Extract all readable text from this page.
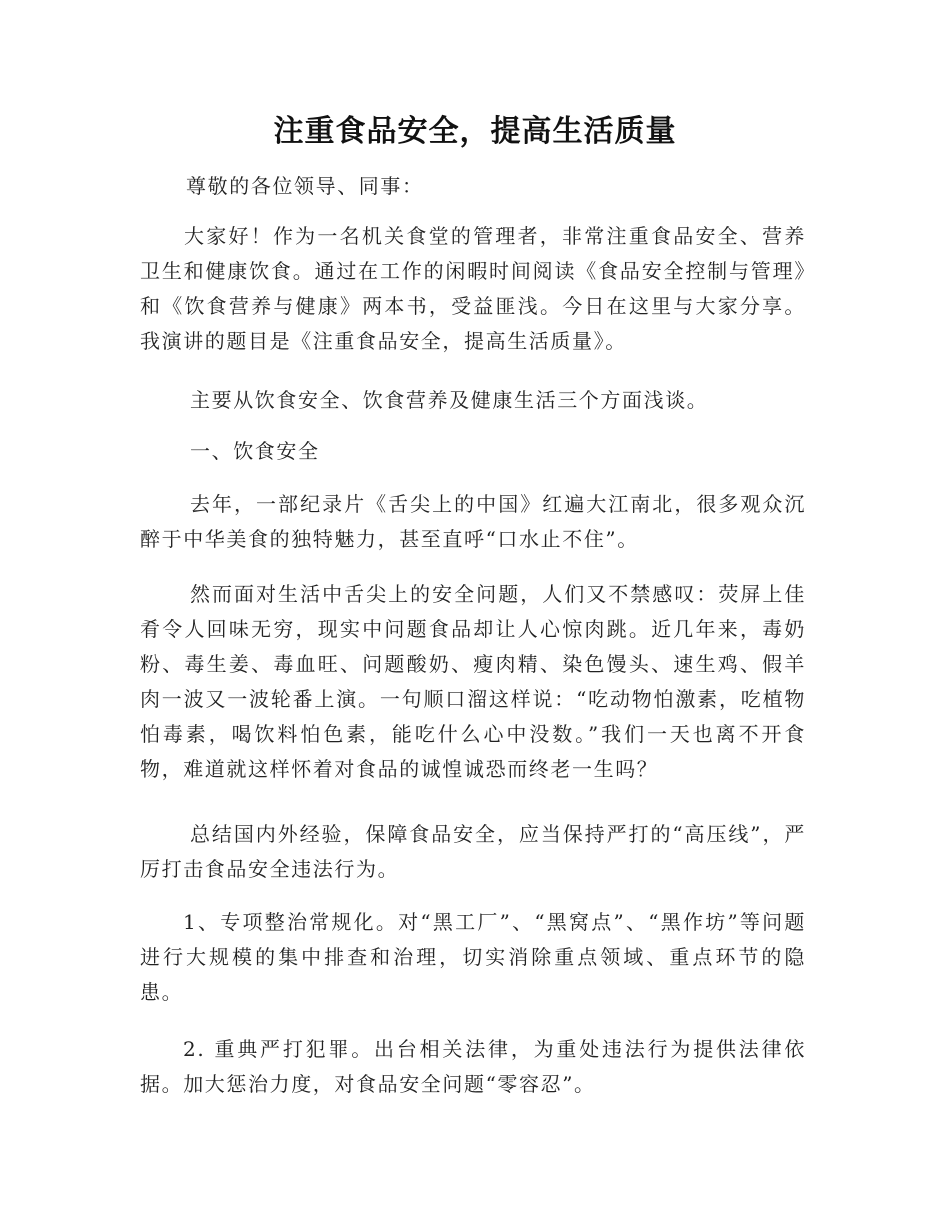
注重食品安全，提高生活质量

尊敬的各位领导、同事：

大家好！作为一名机关食堂的管理者，非常注重食品安全、营养卫生和健康饮食。通过在工作的闲暇时间阅读《食品安全控制与管理》和《饮食营养与健康》两本书，受益匪浅。今日在这里与大家分享。我演讲的题目是《注重食品安全，提高生活质量》。

主要从饮食安全、饮食营养及健康生活三个方面浅谈。

一、饮食安全

去年，一部纪录片《舌尖上的中国》红遍大江南北，很多观众沉醉于中华美食的独特魅力，甚至直呼“口水止不住”。

然而面对生活中舌尖上的安全问题，人们又不禁感叹：荧屏上佳肴令人回味无穷，现实中问题食品却让人心惊肉跳。近几年来，毒奶粉、毒生姜、毒血旺、问题酸奶、瘦肉精、染色馒头、速生鸡、假羊肉一波又一波轮番上演。一句顺口溜这样说：“吃动物怕激素，吃植物怕毒素，喝饮料怕色素，能吃什么心中没数。”我们一天也离不开食物，难道就这样怀着对食品的诚惶诚恐而终老一生吗？

总结国内外经验，保障食品安全，应当保持严打的“高压线”，严厉打击食品安全违法行为。

1、专项整治常规化。对“黑工厂”、“黑窝点”、“黑作坊”等问题进行大规模的集中排查和治理，切实消除重点领域、重点环节的隐患。

2. 重典严打犯罪。出台相关法律，为重处违法行为提供法律依据。加大惩治力度，对食品安全问题“零容忍”。
